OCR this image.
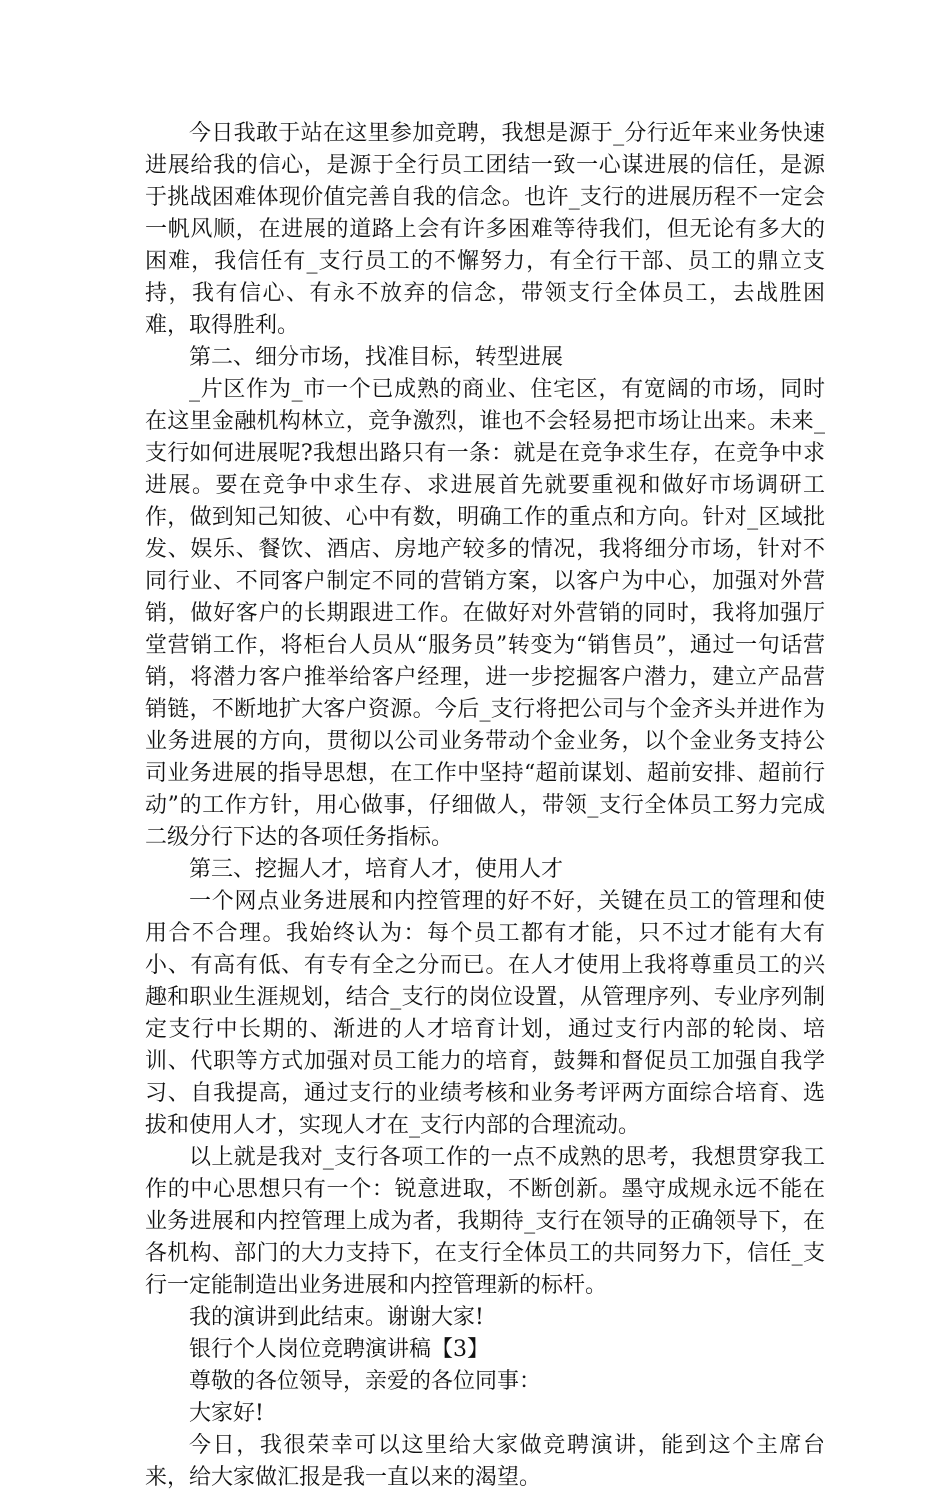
今日我敢于站在这里参加竞聘，我想是源于_分行近年来业务快速进展给我的信心，是源于全行员工团结一致一心谋进展的信任，是源于挑战困难体现价值完善自我的信念。也许_支行的进展历程不一定会一帆风顺，在进展的道路上会有许多困难等待我们，但无论有多大的困难，我信任有_支行员工的不懈努力，有全行干部、员工的鼎立支持，我有信心、有永不放弃的信念，带领支行全体员工，去战胜困难，取得胜利。

第二、细分市场，找准目标，转型进展

_片区作为_市一个已成熟的商业、住宅区，有宽阔的市场，同时在这里金融机构林立，竞争激烈，谁也不会轻易把市场让出来。未来_支行如何进展呢?我想出路只有一条：就是在竞争求生存，在竞争中求进展。要在竞争中求生存、求进展首先就要重视和做好市场调研工作，做到知己知彼、心中有数，明确工作的重点和方向。针对_区域批发、娱乐、餐饮、酒店、房地产较多的情况，我将细分市场，针对不同行业、不同客户制定不同的营销方案，以客户为中心，加强对外营销，做好客户的长期跟进工作。在做好对外营销的同时，我将加强厅堂营销工作，将柜台人员从“服务员”转变为“销售员”，通过一句话营销，将潜力客户推举给客户经理，进一步挖掘客户潜力，建立产品营销链，不断地扩大客户资源。今后_支行将把公司与个金齐头并进作为业务进展的方向，贯彻以公司业务带动个金业务，以个金业务支持公司业务进展的指导思想，在工作中坚持“超前谋划、超前安排、超前行动”的工作方针，用心做事，仔细做人，带领_支行全体员工努力完成二级分行下达的各项任务指标。

第三、挖掘人才，培育人才，使用人才

一个网点业务进展和内控管理的好不好，关键在员工的管理和使用合不合理。我始终认为：每个员工都有才能，只不过才能有大有小、有高有低、有专有全之分而已。在人才使用上我将尊重员工的兴趣和职业生涯规划，结合_支行的岗位设置，从管理序列、专业序列制定支行中长期的、渐进的人才培育计划，通过支行内部的轮岗、培训、代职等方式加强对员工能力的培育，鼓舞和督促员工加强自我学习、自我提高，通过支行的业绩考核和业务考评两方面综合培育、选拔和使用人才，实现人才在_支行内部的合理流动。

以上就是我对_支行各项工作的一点不成熟的思考，我想贯穿我工作的中心思想只有一个：锐意进取，不断创新。墨守成规永远不能在业务进展和内控管理上成为者，我期待_支行在领导的正确领导下，在各机构、部门的大力支持下，在支行全体员工的共同努力下，信任_支行一定能制造出业务进展和内控管理新的标杆。

我的演讲到此结束。谢谢大家!

银行个人岗位竞聘演讲稿【3】

尊敬的各位领导，亲爱的各位同事：

大家好!

今日，我很荣幸可以这里给大家做竞聘演讲，能到这个主席台来，给大家做汇报是我一直以来的渴望。
